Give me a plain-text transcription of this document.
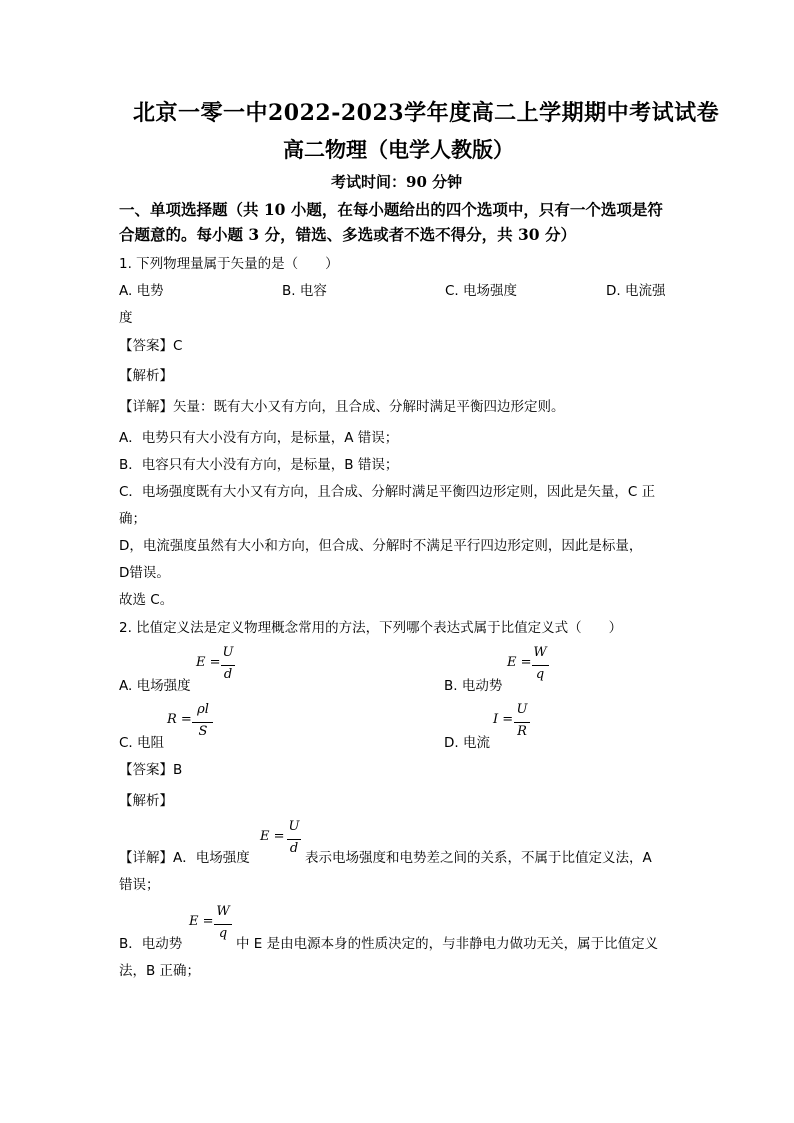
北京一零一中2022-2023学年度高二上学期期中考试试卷
高二物理（电学人教版）
考试时间：90 分钟
一、单项选择题（共 10 小题，在每小题给出的四个选项中，只有一个选项是符
合题意的。每小题 3 分，错选、多选或者不选不得分，共 30 分）
1. 下列物理量属于矢量的是（　　）
A. 电势	B. 电容	C. 电场强度	D. 电流强
度
【答案】C
【解析】
【详解】矢量：既有大小又有方向，且合成、分解时满足平衡四边形定则。
A．电势只有大小没有方向，是标量，A 错误；
B．电容只有大小没有方向，是标量，B 错误；
C．电场强度既有大小又有方向，且合成、分解时满足平衡四边形定则，因此是矢量，C 正
确；
D，电流强度虽然有大小和方向，但合成、分解时不满足平行四边形定则，因此是标量，
D错误。
故选 C。
2. 比值定义法是定义物理概念常用的方法，下列哪个表达式属于比值定义式（　　）
A. 电场强度
E =
U
d
B. 电动势
E =
W
q
C. 电阻
R =
ρl
S
D. 电流
I =
U
R
【答案】B
【解析】
【详解】A．电场强度
E =
U
d
表示电场强度和电势差之间的关系，不属于比值定义法，A
错误；
B．电动势
E =
W
q
中 E 是由电源本身的性质决定的，与非静电力做功无关，属于比值定义
法，B 正确；
